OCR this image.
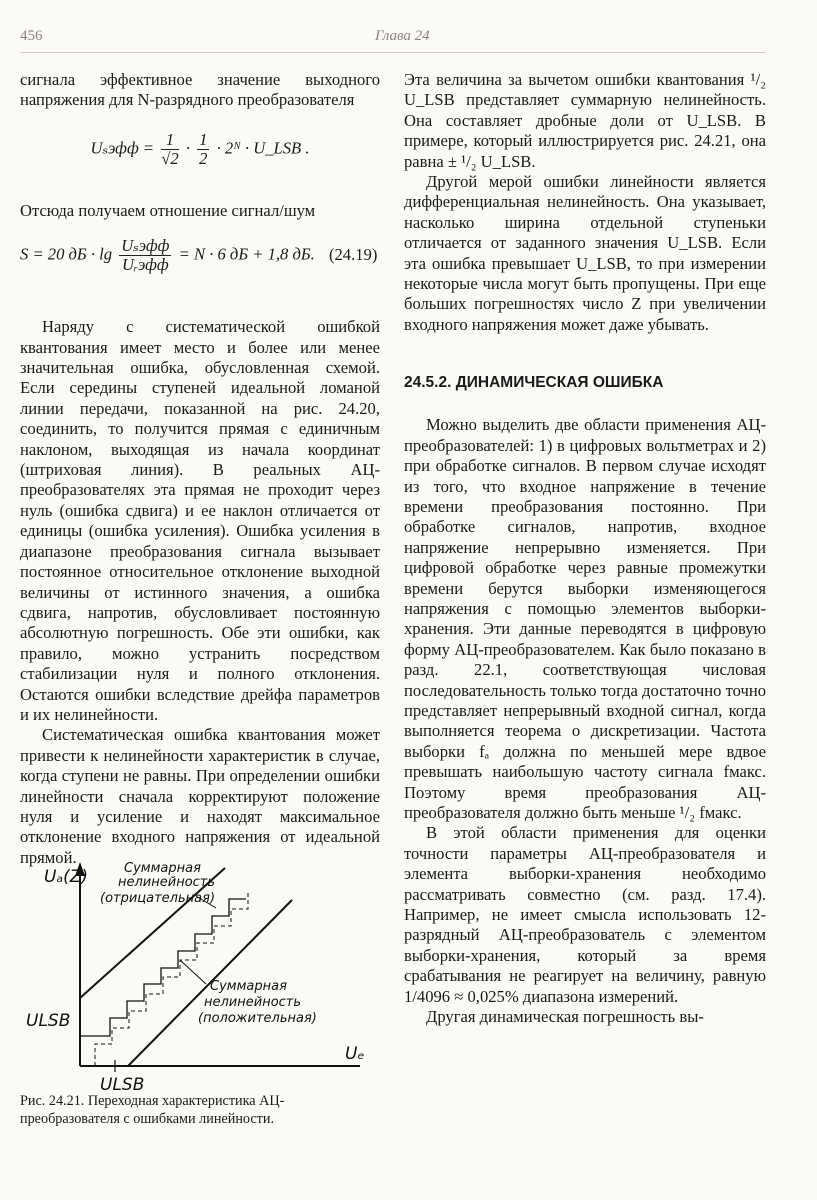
456	Глава 24

сигнала эффективное значение выходного напряжения для N-разрядного преобразователя

$U_sэфф = \frac{1}{√2} \cdot \frac{1}{2}$ · 2ᴺ · U_LSB .

Отсюда получаем отношение сигнал/шум

S = 20 дБ · $\lg \frac{\text{Uₛэфф}}{\text{Uᵣэфф}} = N \cdot 6$ дБ + 1,8 дБ. (24.19)

Наряду с систематической ошибкой квантования имеет место и более или менее значительная ошибка, обусловленная схемой. Если середины ступеней идеальной ломаной линии передачи, показанной на рис. 24.20, соединить, то получится прямая с единичным наклоном, выходящая из начала координат (штриховая линия). В реальных АЦ-преобразователях эта прямая не проходит через нуль (ошибка сдвига) и ее наклон отличается от единицы (ошибка усиления). Ошибка усиления в диапазоне преобразования сигнала вызывает постоянное относительное отклонение выходной величины от истинного значения, а ошибка сдвига, напротив, обусловливает постоянную абсолютную погрешность. Обе эти ошибки, как правило, можно устранить посредством стабилизации нуля и полного отклонения. Остаются ошибки вследствие дрейфа параметров и их нелинейности.

Систематическая ошибка квантования может привести к нелинейности характеристик в случае, когда ступени не равны. При определении ошибки линейности сначала корректируют положение нуля и усиление и находят максимальное отклонение входного напряжения от идеальной прямой.

Uₐ(Z)
Uₑ
ULSB
ULSB
Суммарная
нелинейность
(отрицательная)
Суммарная
нелинейность
(положительная)
Рис. 24.21. Переходная характеристика АЦ-преобразователя с ошибками линейности.

Эта величина за вычетом ошибки квантования ¹/₂ U_LSB представляет суммарную нелинейность. Она составляет дробные доли от U_LSB. В примере, который иллюстрируется рис. 24.21, она равна ± ¹/₂ U_LSB.

Другой мерой ошибки линейности является дифференциальная нелинейность. Она указывает, насколько ширина отдельной ступеньки отличается от заданного значения U_LSB. Если эта ошибка превышает U_LSB, то при измерении некоторые числа могут быть пропущены. При еще больших погрешностях число Z при увеличении входного напряжения может даже убывать.

24.5.2. ДИНАМИЧЕСКАЯ ОШИБКА

Можно выделить две области применения АЦ-преобразователей: 1) в цифровых вольтметрах и 2) при обработке сигналов. В первом случае исходят из того, что входное напряжение в течение времени преобразования постоянно. При обработке сигналов, напротив, входное напряжение непрерывно изменяется. При цифровой обработке через равные промежутки времени берутся выборки изменяющегося напряжения с помощью элементов выборки-хранения. Эти данные переводятся в цифровую форму АЦ-преобразователем. Как было показано в разд. 22.1, соответствующая числовая последовательность только тогда достаточно точно представляет непрерывный входной сигнал, когда выполняется теорема о дискретизации. Частота выборки fₐ должна по меньшей мере вдвое превышать наибольшую частоту сигнала fмакс. Поэтому время преобразования АЦ-преобразователя должно быть меньше ¹/₂ fмакс.

В этой области применения для оценки точности параметры АЦ-преобразователя и элемента выборки-хранения необходимо рассматривать совместно (см. разд. 17.4). Например, не имеет смысла использовать 12-разрядный АЦ-преобразователь с элементом выборки-хранения, который за время срабатывания не реагирует на величину, равную 1/4096 ≈ 0,025% диапазона измерений.

Другая динамическая погрешность вы-
